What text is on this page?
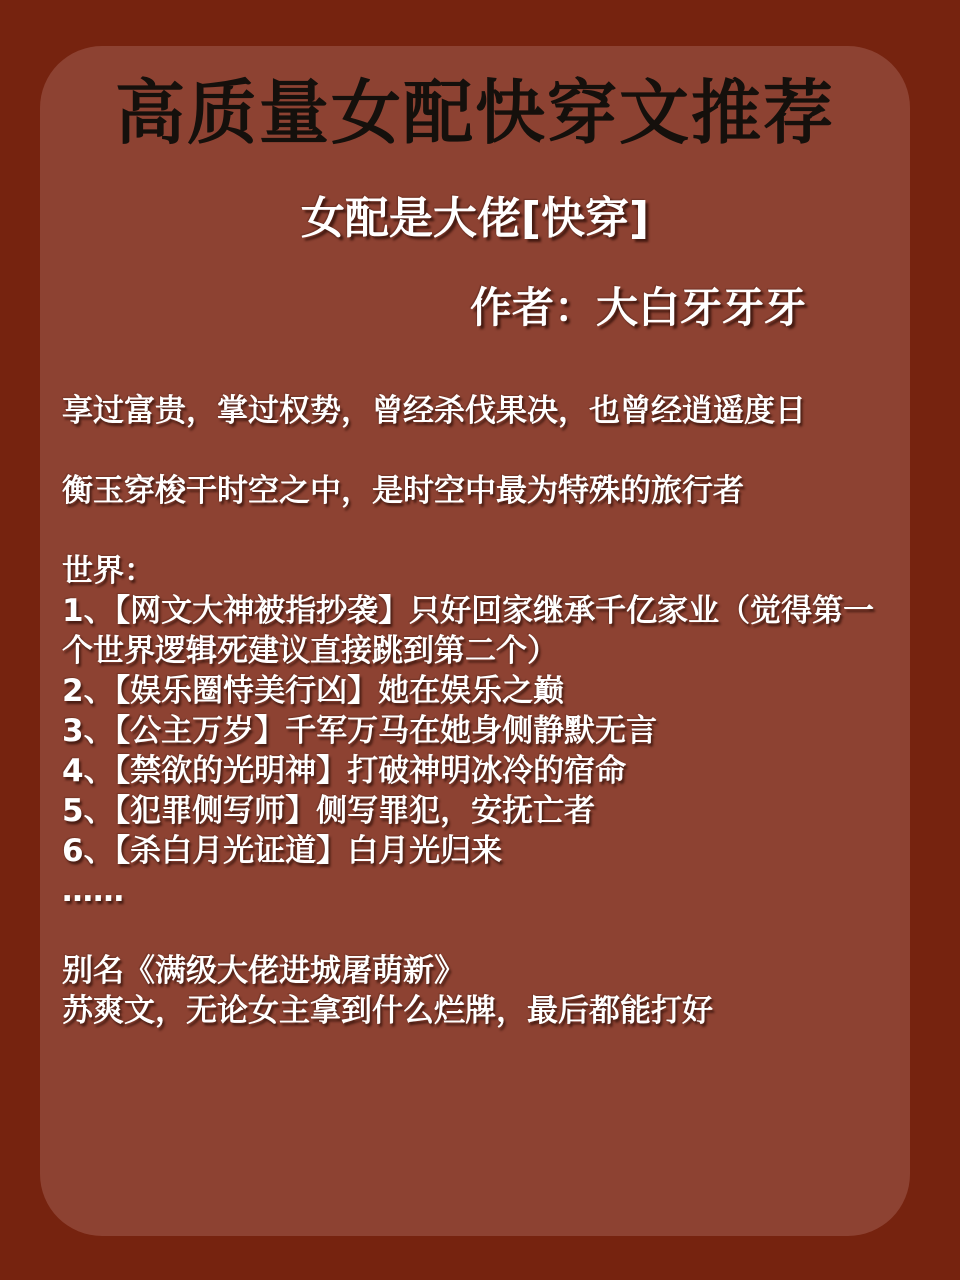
高质量女配快穿文推荐
女配是大佬[快穿]
作者：大白牙牙牙
享过富贵，掌过权势，曾经杀伐果决，也曾经逍遥度日
衡玉穿梭干时空之中，是时空中最为特殊的旅行者
世界：
1、【网文大神被指抄袭】只好回家继承千亿家业（觉得第一个世界逻辑死建议直接跳到第二个）
2、【娱乐圈恃美行凶】她在娱乐之巅
3、【公主万岁】千军万马在她身侧静默无言
4、【禁欲的光明神】打破神明冰冷的宿命
5、【犯罪侧写师】侧写罪犯，安抚亡者
6、【杀白月光证道】白月光归来
……
别名《满级大佬进城屠萌新》
苏爽文，无论女主拿到什么烂牌，最后都能打好
